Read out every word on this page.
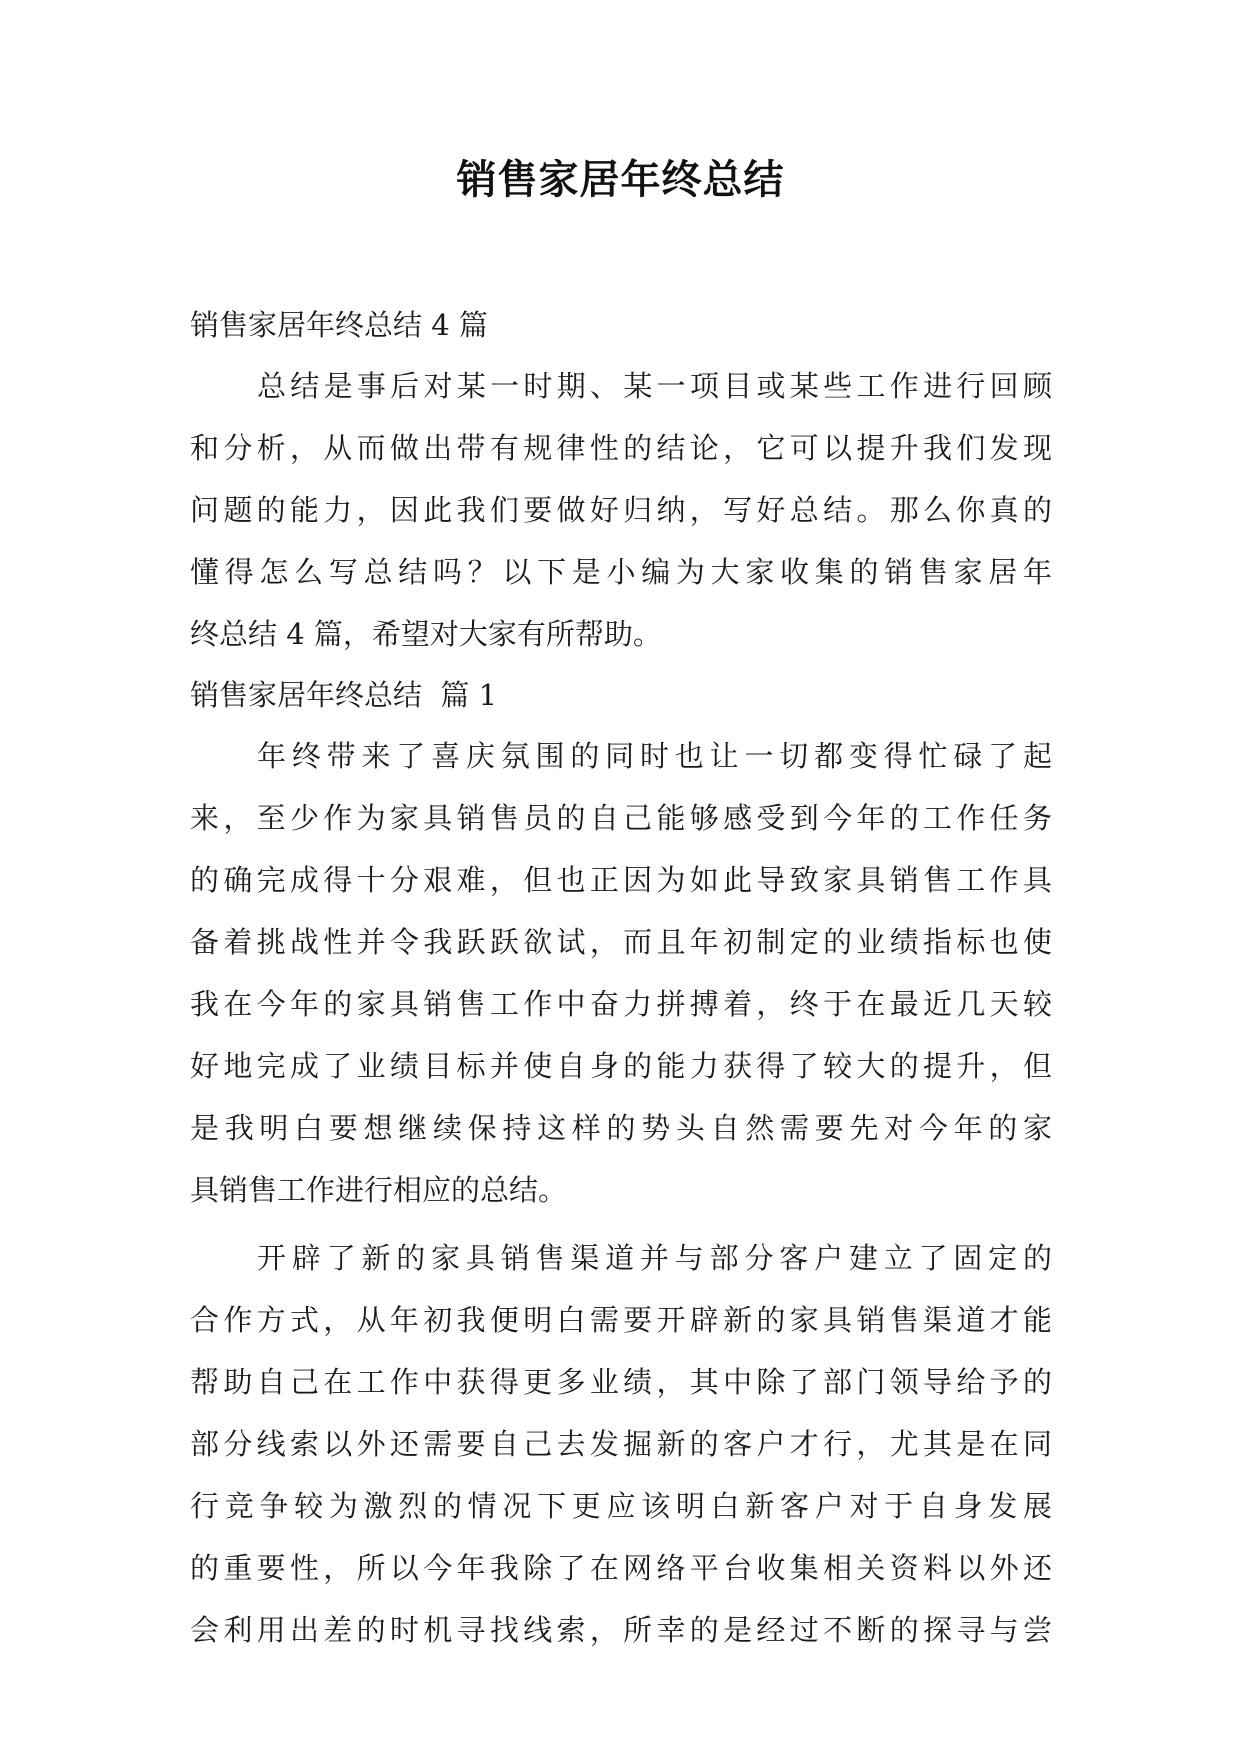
销售家居年终总结

销售家居年终总结 4 篇

总结是事后对某一时期、某一项目或某些工作进行回顾
和分析，从而做出带有规律性的结论，它可以提升我们发现
问题的能力，因此我们要做好归纳，写好总结。那么你真的
懂得怎么写总结吗？以下是小编为大家收集的销售家居年
终总结 4 篇，希望对大家有所帮助。

销售家居年终总结  篇 1

年终带来了喜庆氛围的同时也让一切都变得忙碌了起
来，至少作为家具销售员的自己能够感受到今年的工作任务
的确完成得十分艰难，但也正因为如此导致家具销售工作具
备着挑战性并令我跃跃欲试，而且年初制定的业绩指标也使
我在今年的家具销售工作中奋力拼搏着，终于在最近几天较
好地完成了业绩目标并使自身的能力获得了较大的提升，但
是我明白要想继续保持这样的势头自然需要先对今年的家
具销售工作进行相应的总结。
开辟了新的家具销售渠道并与部分客户建立了固定的
合作方式，从年初我便明白需要开辟新的家具销售渠道才能
帮助自己在工作中获得更多业绩，其中除了部门领导给予的
部分线索以外还需要自己去发掘新的客户才行，尤其是在同
行竞争较为激烈的情况下更应该明白新客户对于自身发展
的重要性，所以今年我除了在网络平台收集相关资料以外还
会利用出差的时机寻找线索，所幸的是经过不断的探寻与尝
